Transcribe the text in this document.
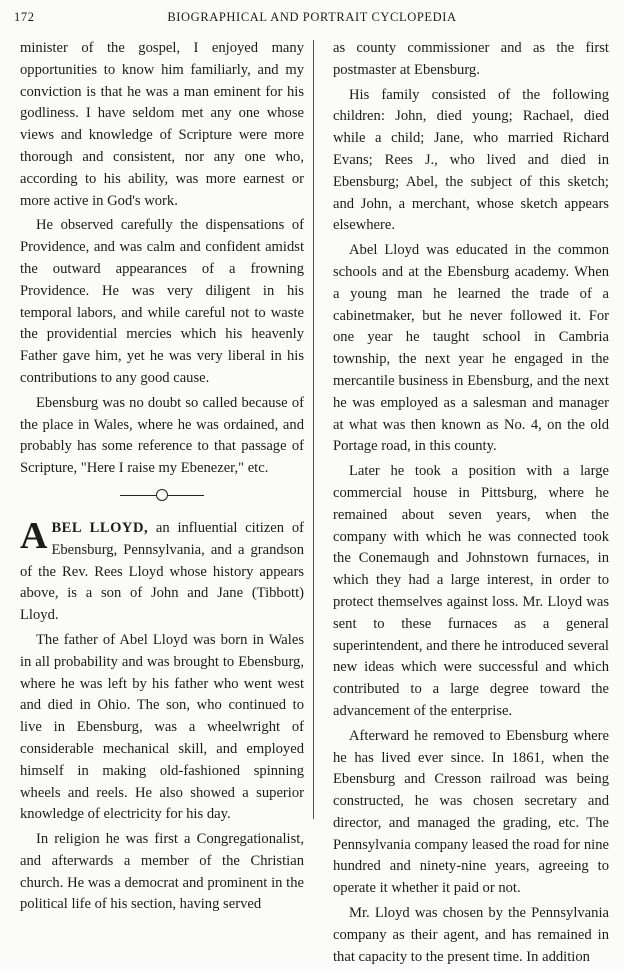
172	BIOGRAPHICAL AND PORTRAIT CYCLOPEDIA

minister of the gospel, I enjoyed many opportunities to know him familiarly, and my conviction is that he was a man eminent for his godliness. I have seldom met any one whose views and knowledge of Scripture were more thorough and consistent, nor any one who, according to his ability, was more earnest or more active in God's work.

He observed carefully the dispensations of Providence, and was calm and confident amidst the outward appearances of a frowning Providence. He was very diligent in his temporal labors, and while careful not to waste the providential mercies which his heavenly Father gave him, yet he was very liberal in his contributions to any good cause.

Ebensburg was no doubt so called because of the place in Wales, where he was ordained, and probably has some reference to that passage of Scripture, "Here I raise my Ebenezer," etc.

ABEL LLOYD, an influential citizen of Ebensburg, Pennsylvania, and a grandson of the Rev. Rees Lloyd whose history appears above, is a son of John and Jane (Tibbott) Lloyd.

The father of Abel Lloyd was born in Wales in all probability and was brought to Ebensburg, where he was left by his father who went west and died in Ohio. The son, who continued to live in Ebensburg, was a wheelwright of considerable mechanical skill, and employed himself in making old-fashioned spinning wheels and reels. He also showed a superior knowledge of electricity for his day.

In religion he was first a Congregationalist, and afterwards a member of the Christian church. He was a democrat and prominent in the political life of his section, having served

as county commissioner and as the first postmaster at Ebensburg.

His family consisted of the following children: John, died young; Rachael, died while a child; Jane, who married Richard Evans; Rees J., who lived and died in Ebensburg; Abel, the subject of this sketch; and John, a merchant, whose sketch appears elsewhere.

Abel Lloyd was educated in the common schools and at the Ebensburg academy. When a young man he learned the trade of a cabinetmaker, but he never followed it. For one year he taught school in Cambria township, the next year he engaged in the mercantile business in Ebensburg, and the next he was employed as a salesman and manager at what was then known as No. 4, on the old Portage road, in this county.

Later he took a position with a large commercial house in Pittsburg, where he remained about seven years, when the company with which he was connected took the Conemaugh and Johnstown furnaces, in which they had a large interest, in order to protect themselves against loss. Mr. Lloyd was sent to these furnaces as a general superintendent, and there he introduced several new ideas which were successful and which contributed to a large degree toward the advancement of the enterprise.

Afterward he removed to Ebensburg where he has lived ever since. In 1861, when the Ebensburg and Cresson railroad was being constructed, he was chosen secretary and director, and managed the grading, etc. The Pennsylvania company leased the road for nine hundred and ninety-nine years, agreeing to operate it whether it paid or not.

Mr. Lloyd was chosen by the Pennsylvania company as their agent, and has remained in that capacity to the present time. In addition
